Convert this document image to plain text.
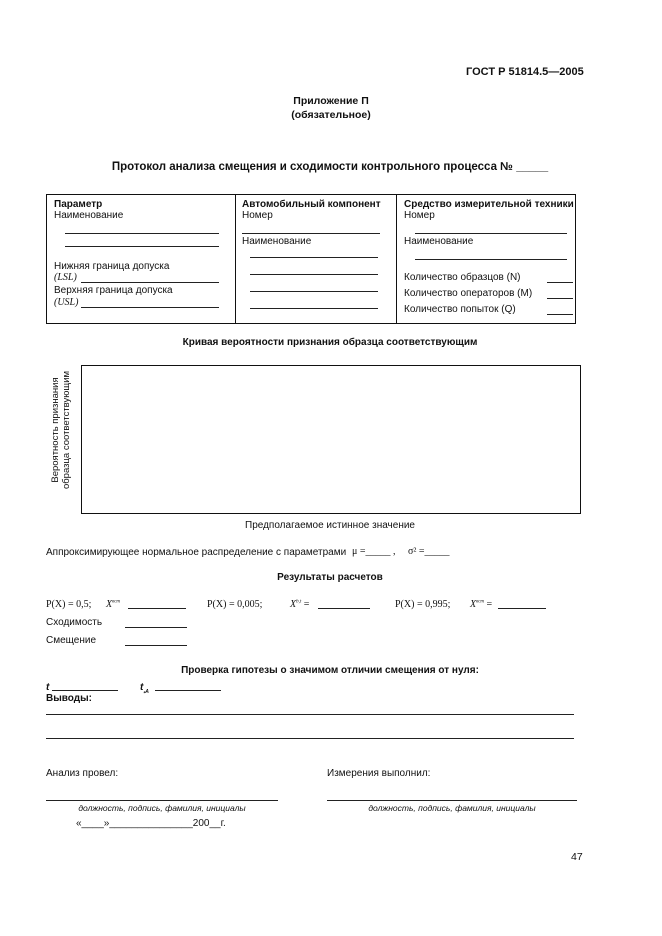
ГОСТ Р 51814.5—2005
Приложение П
(обязательное)
Протокол анализа смещения и сходимости контрольного процесса № _____
Параметр
Наименование
Нижняя граница допуска
(LSL)
Верхняя граница допуска
(USL)

Автомобильный компонент
Номер
Наименование

Средство измерительной техники
Номер
Наименование
Количество образцов (N)
Количество операторов (M)
Количество попыток (Q)
Кривая вероятности признания образца соответствующим
Вероятность признания образца соответствующим
Предполагаемое истинное значение
Аппроксимирующее нормальное распределение с параметрами μ =_____ , σ² =_____
Результаты расчетов
P(X) = 0,5; $X^{вст}$	P(X) = 0,005;	X$^{b,t}$ =	P(X) = 0,995; $X^{вст}$ =
Сходимость
Смещение
Проверка гипотезы о значимом отличии смещения от нуля:
t	$t_{_sA}$
Выводы:
Анализ провел:	Измерения выполнил:
должность, подпись, фамилия, инициалы	должность, подпись, фамилия, инициалы
«____»_______________200__г.
47
